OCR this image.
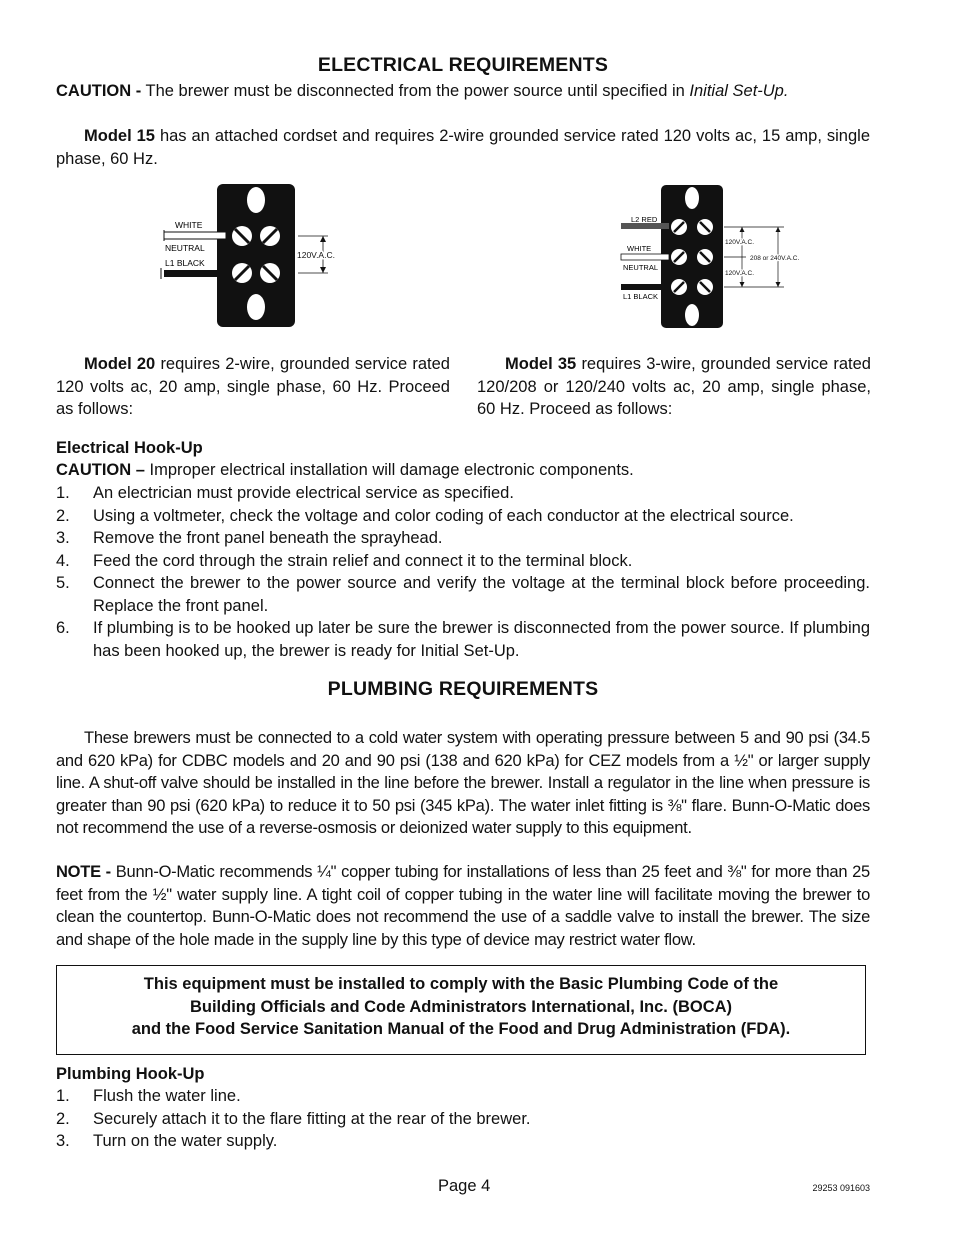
ELECTRICAL REQUIREMENTS
CAUTION - The brewer must be disconnected from the power source until specified in Initial Set-Up.
Model 15 has an attached cordset and requires 2-wire grounded service rated 120 volts ac, 15 amp, single phase, 60 Hz.
Model 20 requires 2-wire, grounded service rated 120 volts ac, 20 amp, single phase, 60 Hz. Proceed as follows:
Model 35 requires 3-wire, grounded service rated 120/208 or 120/240 volts ac, 20 amp, single phase, 60 Hz. Proceed as follows:
Electrical Hook-Up
CAUTION – Improper electrical installation will damage electronic components.
1. An electrician must provide electrical service as specified.
2. Using a voltmeter, check the voltage and color coding of each conductor at the electrical source.
3. Remove the front panel beneath the sprayhead.
4. Feed the cord through the strain relief and connect it to the terminal block.
5. Connect the brewer to the power source and verify the voltage at the terminal block before proceeding. Replace the front panel.
6. If plumbing is to be hooked up later be sure the brewer is disconnected from the power source. If plumbing has been hooked up, the brewer is ready for Initial Set-Up.
PLUMBING REQUIREMENTS
These brewers must be connected to a cold water system with operating pressure between 5 and 90 psi (34.5 and 620 kPa) for CDBC models and 20 and 90 psi (138 and 620 kPa) for CEZ models from a ½" or larger supply line. A shut-off valve should be installed in the line before the brewer. Install a regulator in the line when pressure is greater than 90 psi (620 kPa) to reduce it to 50 psi (345 kPa). The water inlet fitting is ⅜" flare. Bunn-O-Matic does not recommend the use of a reverse-osmosis or deionized water supply to this equipment.
NOTE - Bunn-O-Matic recommends ¼" copper tubing for installations of less than 25 feet and ⅜" for more than 25 feet from the ½" water supply line. A tight coil of copper tubing in the water line will facilitate moving the brewer to clean the countertop. Bunn-O-Matic does not recommend the use of a saddle valve to install the brewer. The size and shape of the hole made in the supply line by this type of device may restrict water flow.
This equipment must be installed to comply with the Basic Plumbing Code of the
Building Officials and Code Administrators International, Inc. (BOCA)
and the Food Service Sanitation Manual of the Food and Drug Administration (FDA).
Plumbing Hook-Up
1. Flush the water line.
2. Securely attach it to the flare fitting at the rear of the brewer.
3. Turn on the water supply.
Page 4	29253 091603
WHITE
NEUTRAL
L1 BLACK
120V.A.C.
L2 RED
WHITE
NEUTRAL
L1 BLACK
120V.A.C.
208 or 240V.A.C.
120V.A.C.
